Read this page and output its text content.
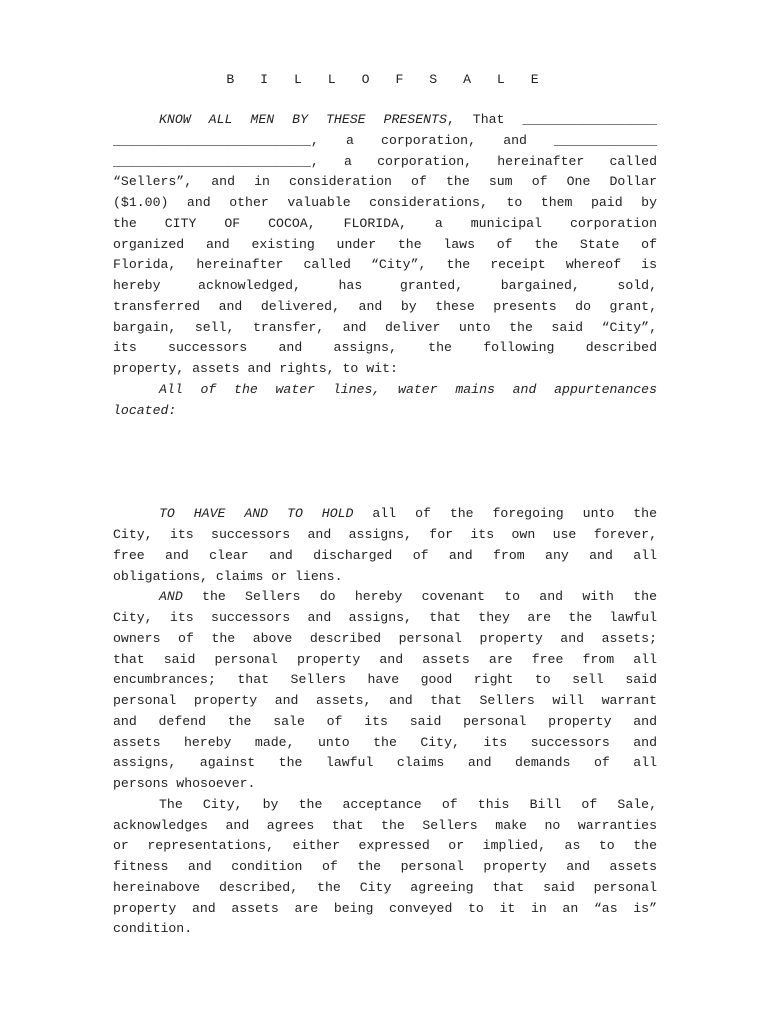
B I L L O F S A L E
KNOW ALL MEN BY THESE PRESENTS, That _________________
_________________________, a corporation, and _____________
_________________________, a corporation, hereinafter called
“Sellers”, and in consideration of the sum of One Dollar
($1.00) and other valuable considerations, to them paid by
the CITY OF COCOA, FLORIDA, a municipal corporation
organized and existing under the laws of the State of
Florida, hereinafter called “City”, the receipt whereof is
hereby acknowledged, has granted, bargained, sold,
transferred and delivered, and by these presents do grant,
bargain, sell, transfer, and deliver unto the said “City”,
its successors and assigns, the following described
property, assets and rights, to wit:
All of the water lines, water mains and appurtenances
located:
TO HAVE AND TO HOLD all of the foregoing unto the
City, its successors and assigns, for its own use forever,
free and clear and discharged of and from any and all
obligations, claims or liens.
AND the Sellers do hereby covenant to and with the
City, its successors and assigns, that they are the lawful
owners of the above described personal property and assets;
that said personal property and assets are free from all
encumbrances; that Sellers have good right to sell said
personal property and assets, and that Sellers will warrant
and defend the sale of its said personal property and
assets hereby made, unto the City, its successors and
assigns, against the lawful claims and demands of all
persons whosoever.
The City, by the acceptance of this Bill of Sale,
acknowledges and agrees that the Sellers make no warranties
or representations, either expressed or implied, as to the
fitness and condition of the personal property and assets
hereinabove described, the City agreeing that said personal
property and assets are being conveyed to it in an “as is”
condition.
